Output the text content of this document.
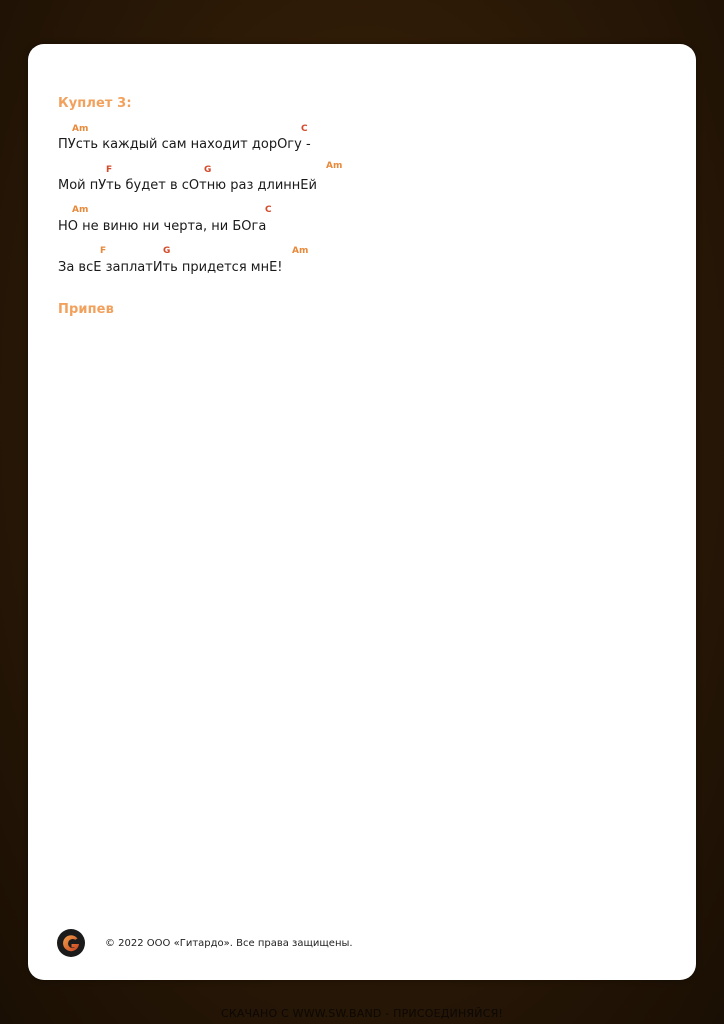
Куплет 3:
Am	C
ПУсть каждый сам находит дорОгу -
F	G	Am
Мой пУть будет в сОтню раз длиннЕй
Am	C
НО не виню ни черта, ни БОга
F	G	Am
За всЕ заплатИть придется мнЕ!
Припев
© 2022 ООО «Гитардо». Все права защищены.
СКАЧАНО С WWW.SW.BAND - ПРИСОЕДИНЯЙСЯ!
